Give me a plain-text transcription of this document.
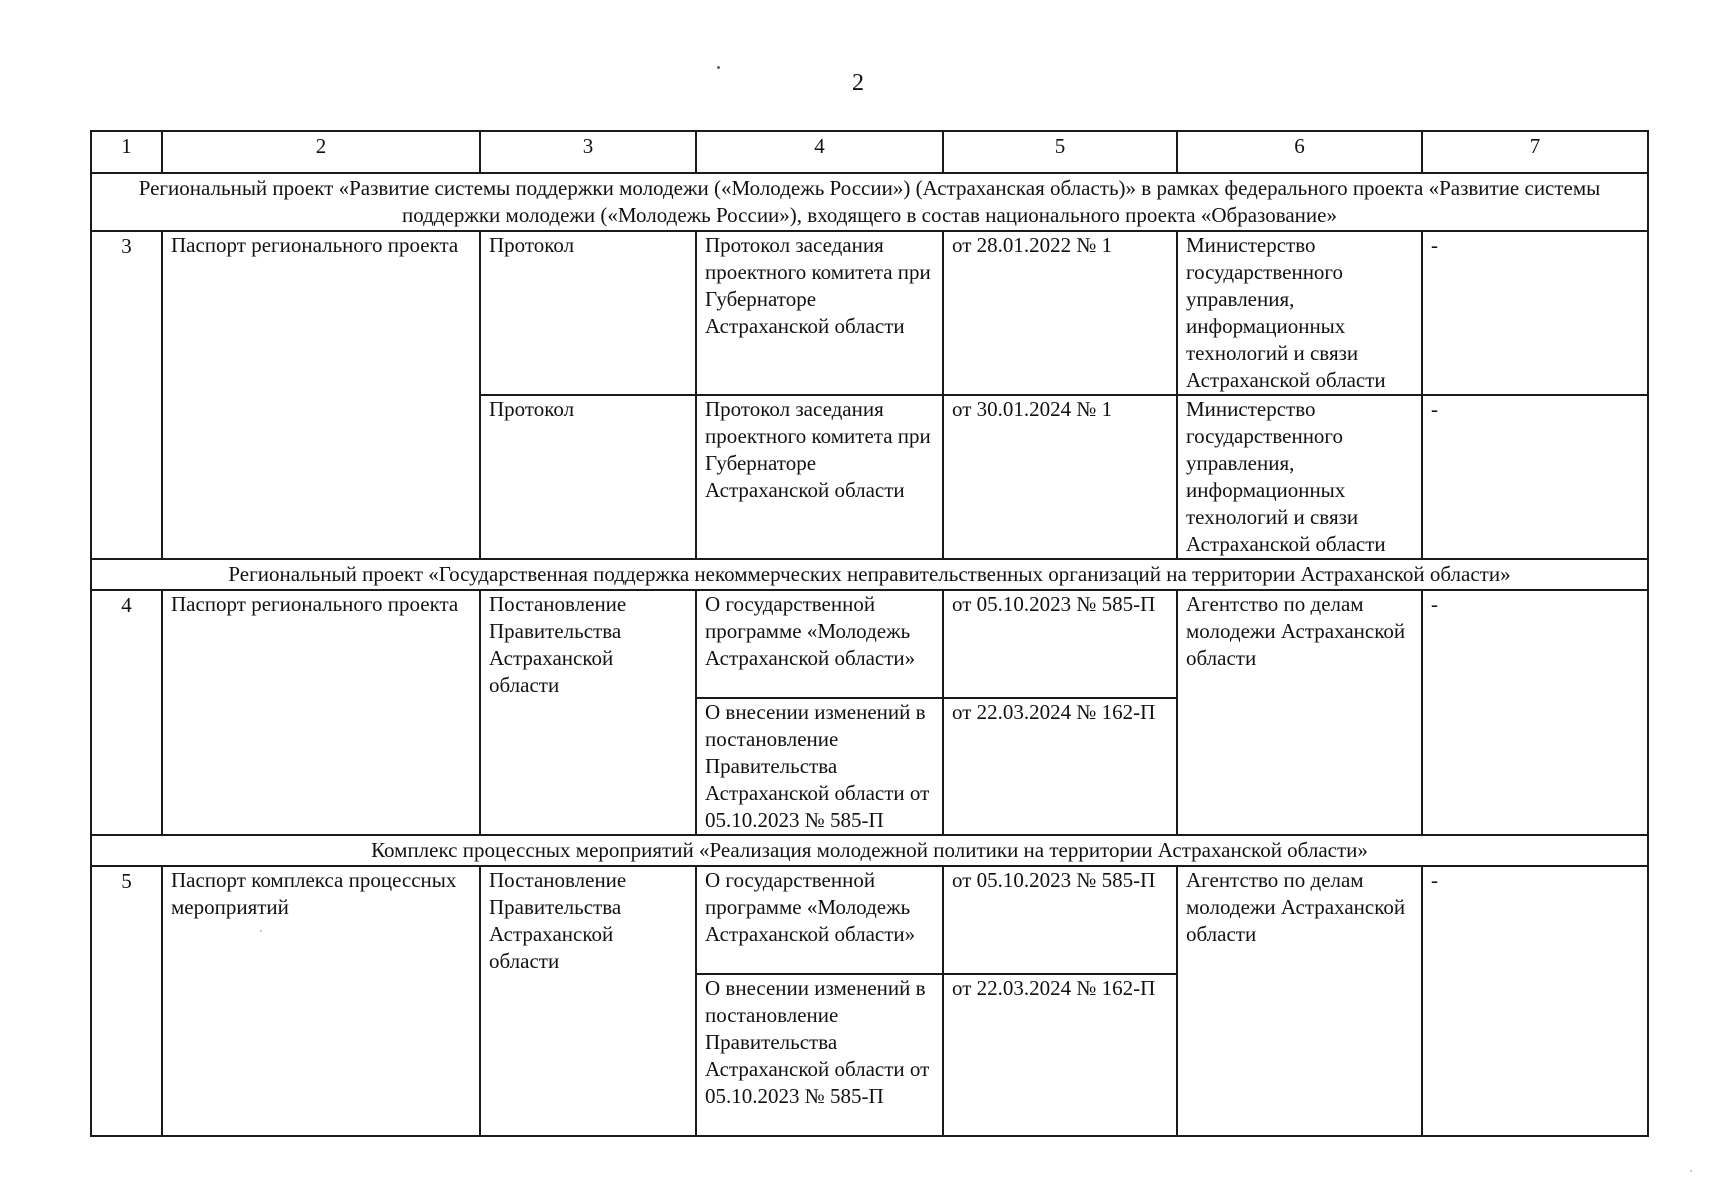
2
1	2	3	4	5	6	7
Региональный проект «Развитие системы поддержки молодежи («Молодежь России») (Астраханская область)» в рамках федерального проекта «Развитие системы поддержки молодежи («Молодежь России»), входящего в состав национального проекта «Образование»						
3	Паспорт регионального проекта	Протокол	Протокол заседания проектного комитета при Губернаторе Астраханской области	от 28.01.2022 № 1	Министерство государственного управления, информационных технологий и связи Астраханской области	-
		Протокол	Протокол заседания проектного комитета при Губернаторе Астраханской области	от 30.01.2024 № 1	Министерство государственного управления, информационных технологий и связи Астраханской области	-
Региональный проект «Государственная поддержка некоммерческих неправительственных организаций на территории Астраханской области»						
4	Паспорт регионального проекта	Постановление Правительства Астраханской области	О государственной программе «Молодежь Астраханской области»	от 05.10.2023 № 585-П	Агентство по делам молодежи Астраханской области	-
			О внесении изменений в постановление Правительства Астраханской области от 05.10.2023 № 585-П	от 22.03.2024 № 162-П		
Комплекс процессных мероприятий «Реализация молодежной политики на территории Астраханской области»						
5	Паспорт комплекса процессных мероприятий	Постановление Правительства Астраханской области	О государственной программе «Молодежь Астраханской области»	от 05.10.2023 № 585-П	Агентство по делам молодежи Астраханской области	-
			О внесении изменений в постановление Правительства Астраханской области от 05.10.2023 № 585-П	от 22.03.2024 № 162-П		
